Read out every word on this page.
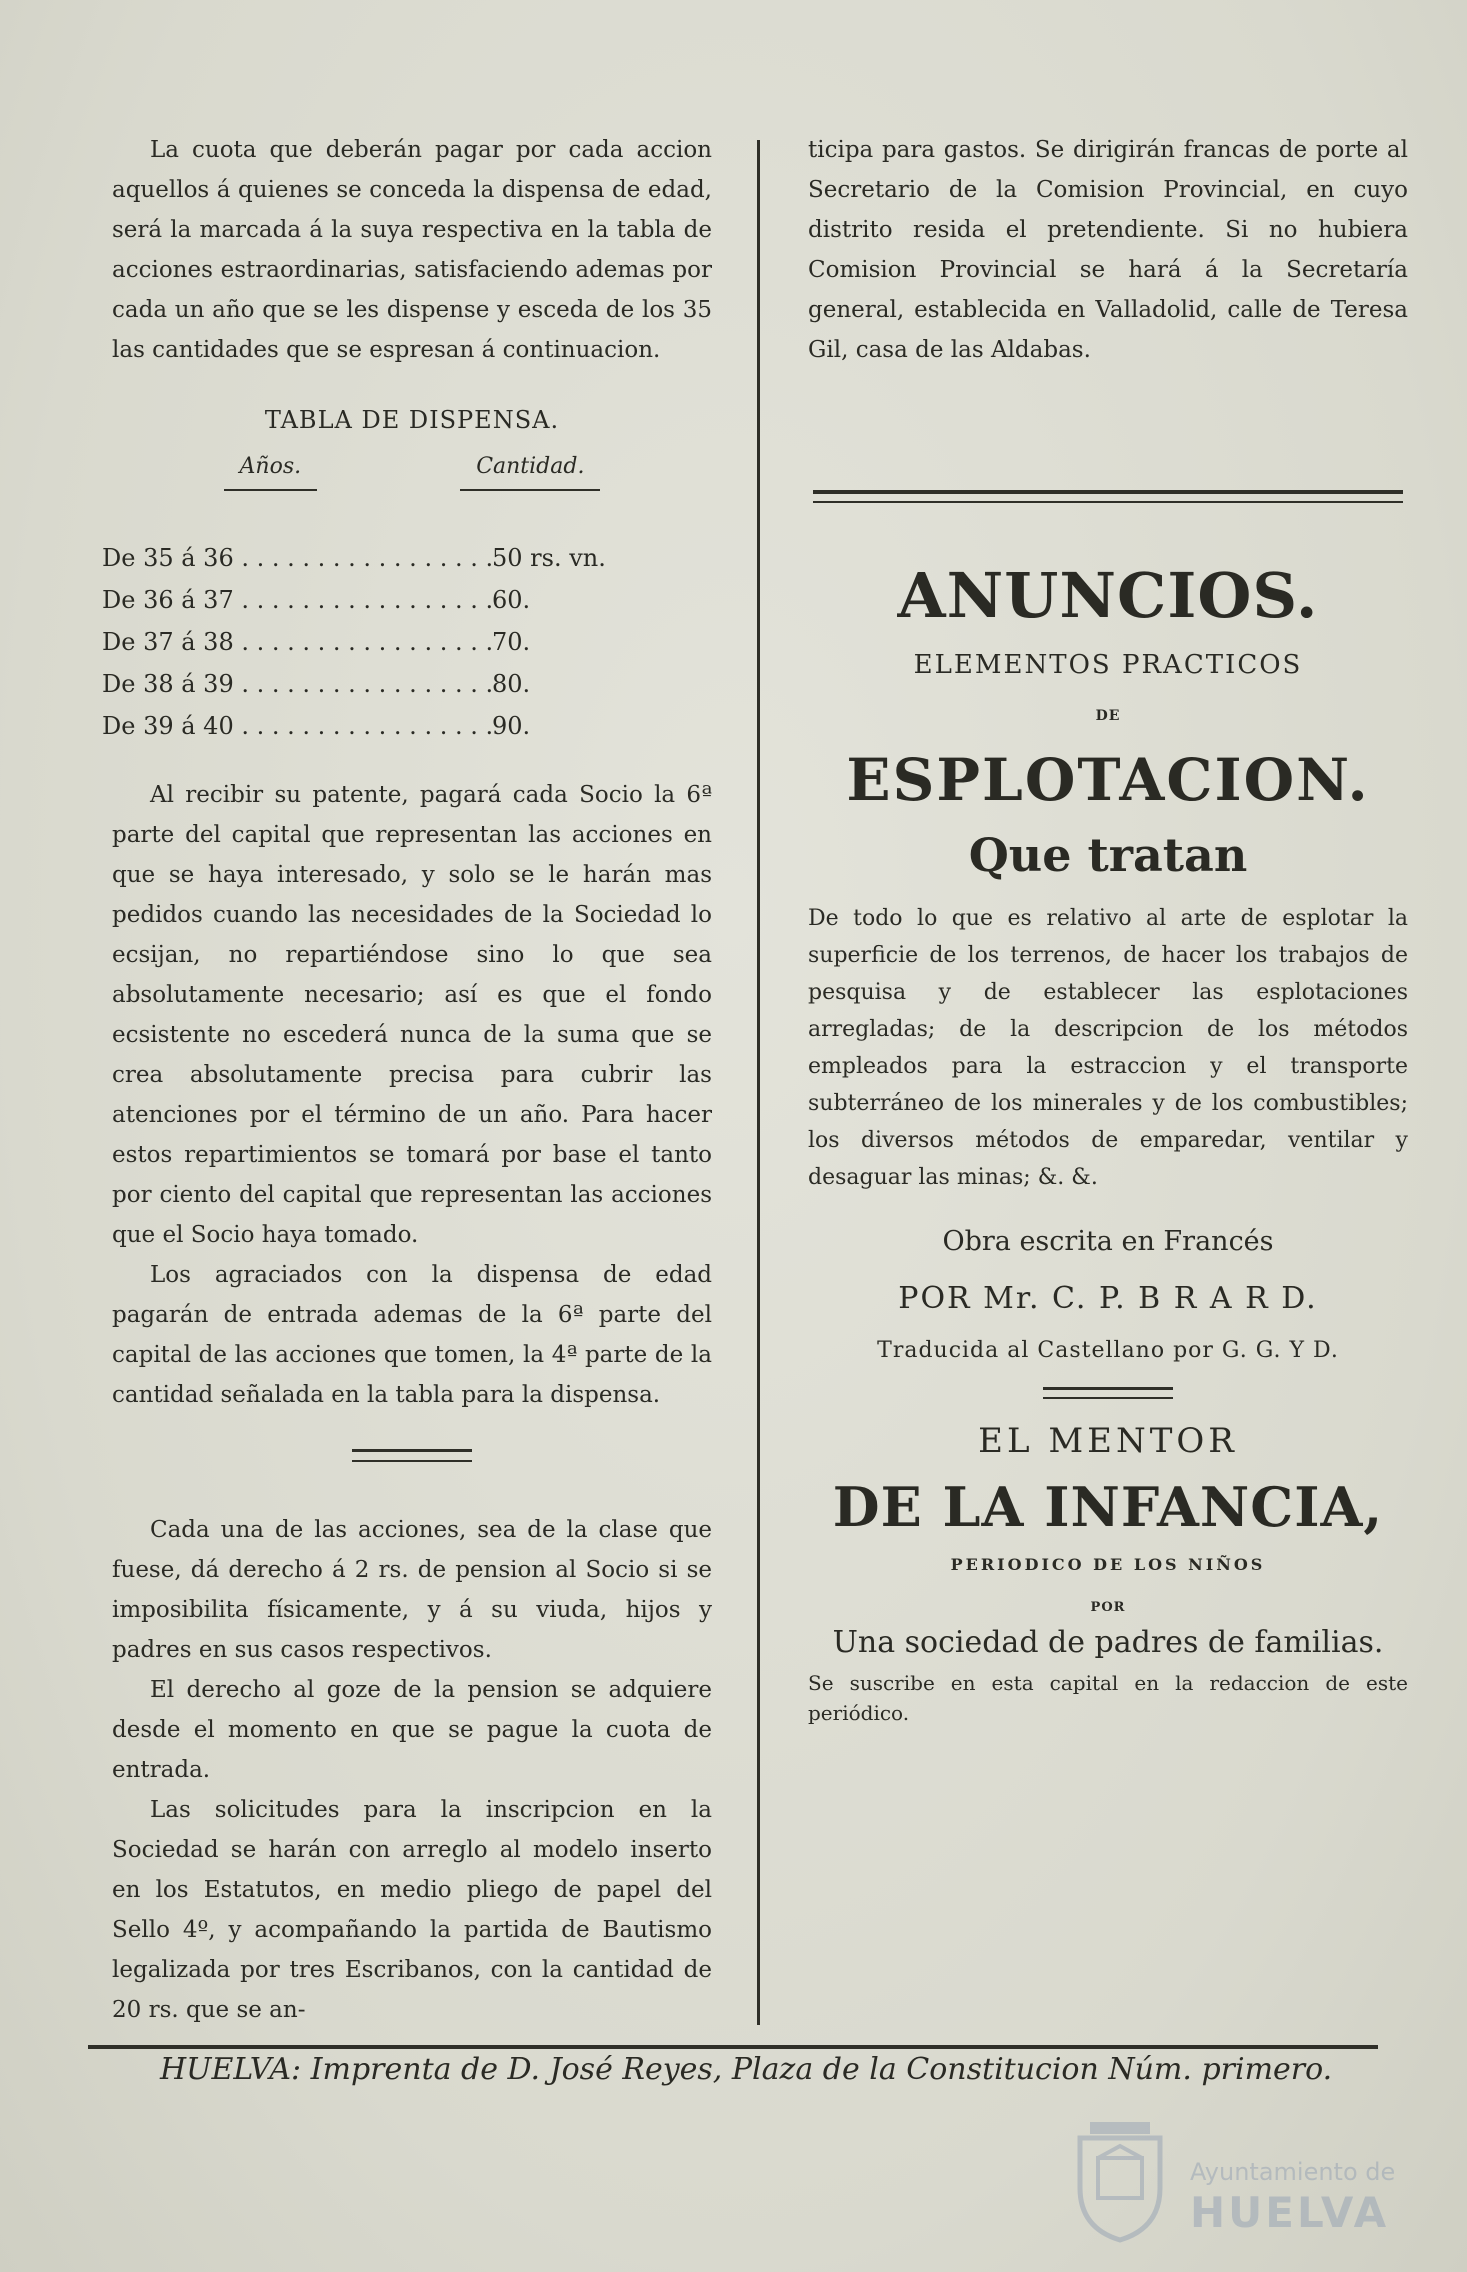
La cuota que deberán pagar por cada accion aquellos á quienes se conceda la dispensa de edad, será la marcada á la suya respectiva en la tabla de acciones estraordinarias, satisfaciendo ademas por cada un año que se les dispense y esceda de los 35 las cantidades que se espresan á continuacion.

TABLA DE DISPENSA.
Años.	Cantidad.
De 35 á 36 . . .	50 rs. vn.
De 36 á 37 . . .	60.
De 37 á 38 . . .	70.
De 38 á 39 . . .	80.
De 39 á 40 . . .	90.

Al recibir su patente, pagará cada Socio la 6ª parte del capital que representan las acciones en que se haya interesado, y solo se le harán mas pedidos cuando las necesidades de la Sociedad lo ecsijan, no repartiéndose sino lo que sea absolutamente necesario; así es que el fondo ecsistente no escederá nunca de la suma que se crea absolutamente precisa para cubrir las atenciones por el término de un año. Para hacer estos repartimientos se tomará por base el tanto por ciento del capital que representan las acciones que el Socio haya tomado.

Los agraciados con la dispensa de edad pagarán de entrada ademas de la 6ª parte del capital de las acciones que tomen, la 4ª parte de la cantidad señalada en la tabla para la dispensa.

Cada una de las acciones, sea de la clase que fuese, dá derecho á 2 rs. de pension al Socio si se imposibilita físicamente, y á su viuda, hijos y padres en sus casos respectivos.

El derecho al goze de la pension se adquiere desde el momento en que se pague la cuota de entrada.

Las solicitudes para la inscripcion en la Sociedad se harán con arreglo al modelo inserto en los Estatutos, en medio pliego de papel del Sello 4º, y acompañando la partida de Bautismo legalizada por tres Escribanos, con la cantidad de 20 rs. que se an-

ticipa para gastos. Se dirigirán francas de porte al Secretario de la Comision Provincial, en cuyo distrito resida el pretendiente. Si no hubiera Comision Provincial se hará á la Secretaría general, establecida en Valladolid, calle de Teresa Gil, casa de las Aldabas.

ANUNCIOS.
ELEMENTOS PRACTICOS
DE
ESPLOTACION.
Que tratan

De todo lo que es relativo al arte de esplotar la superficie de los terrenos, de hacer los trabajos de pesquisa y de establecer las esplotaciones arregladas; de la descripcion de los métodos empleados para la estraccion y el transporte subterráneo de los minerales y de los combustibles; los diversos métodos de emparedar, ventilar y desaguar las minas; &. &.

Obra escrita en Francés
POR Mr. C. P. B R A R D.
Traducida al Castellano por G. G. Y D.
EL MENTOR
DE LA INFANCIA,
PERIODICO DE LOS NIÑOS
POR
Una sociedad de padres de familias.

Se suscribe en esta capital en la redaccion de este periódico.

HUELVA: Imprenta de D. José Reyes, Plaza de la Constitucion Núm. primero.
Ayuntamiento de
HUELVA
